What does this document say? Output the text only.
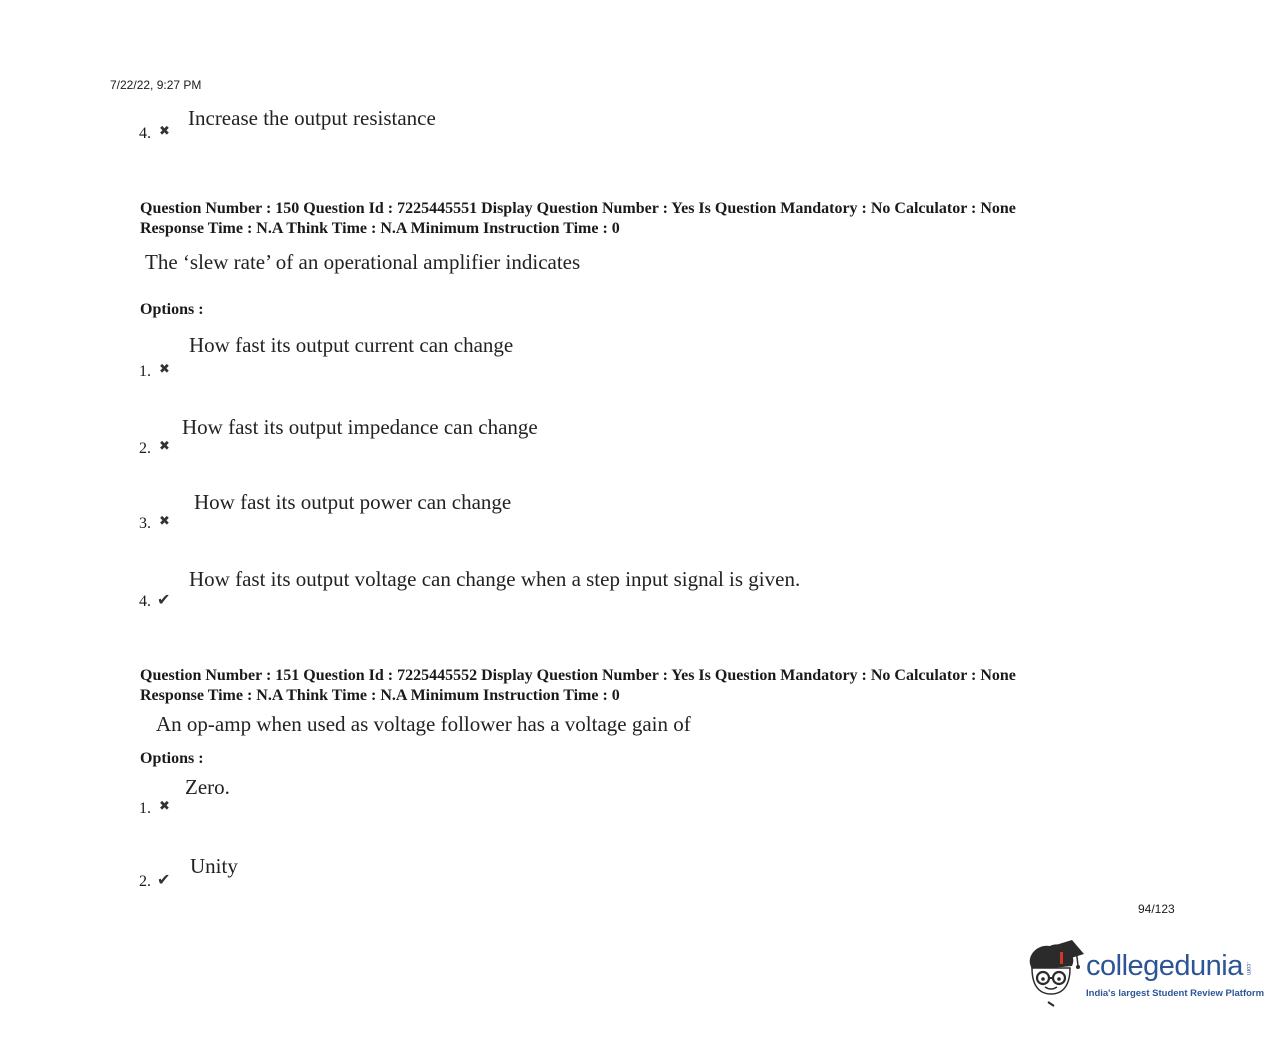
7/22/22, 9:27 PM
Increase the output resistance
4. ✖
Question Number : 150 Question Id : 7225445551 Display Question Number : Yes Is Question Mandatory : No Calculator : None
Response Time : N.A Think Time : N.A Minimum Instruction Time : 0
The ‘slew rate’ of an operational amplifier indicates
Options :
How fast its output current can change
1. ✖
How fast its output impedance can change
2. ✖
How fast its output power can change
3. ✖
How fast its output voltage can change when a step input signal is given.
4. ✔
Question Number : 151 Question Id : 7225445552 Display Question Number : Yes Is Question Mandatory : No Calculator : None
Response Time : N.A Think Time : N.A Minimum Instruction Time : 0
An op-amp when used as voltage follower has a voltage gain of
Options :
Zero.
1. ✖
Unity
2. ✔
94/123
collegedunia .com
India's largest Student Review Platform
